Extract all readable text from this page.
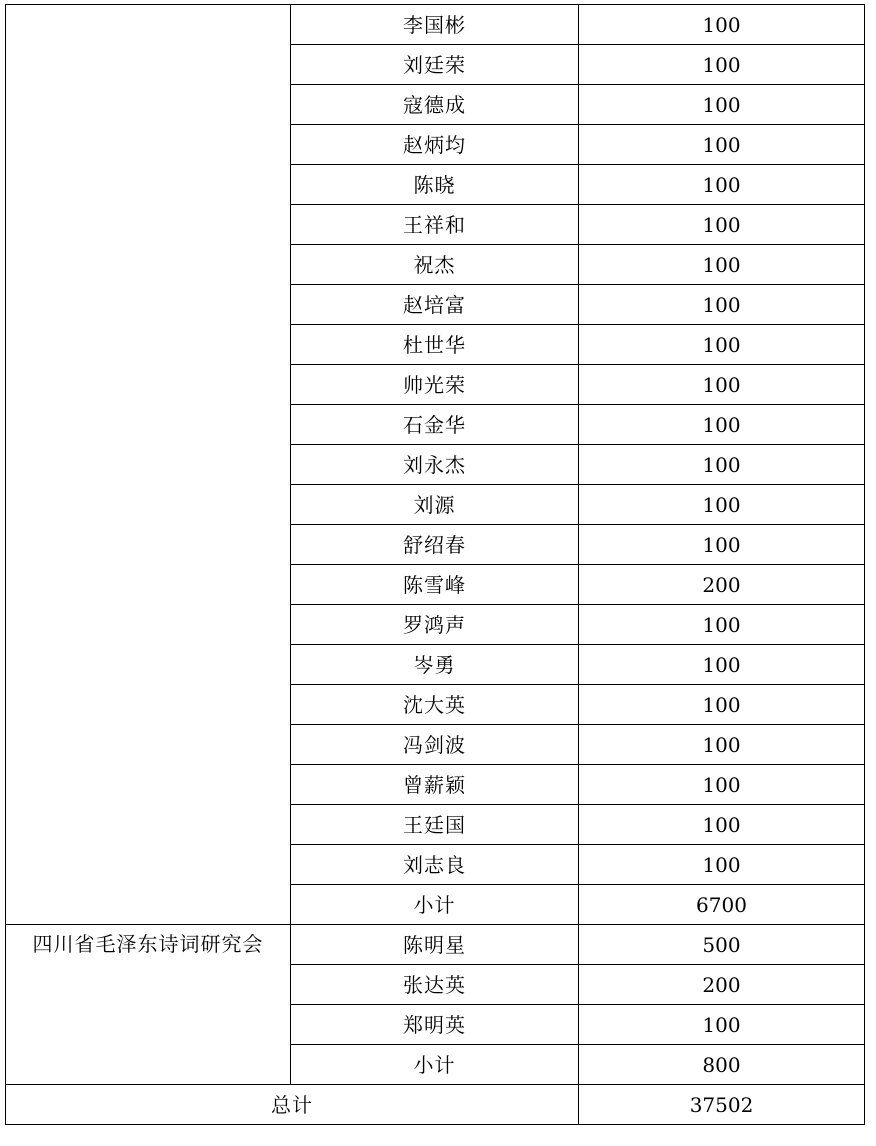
	李国彬	100
	刘廷荣	100
	寇德成	100
	赵炳均	100
	陈晓	100
	王祥和	100
	祝杰	100
	赵培富	100
	杜世华	100
	帅光荣	100
	石金华	100
	刘永杰	100
	刘源	100
	舒绍春	100
	陈雪峰	200
	罗鸿声	100
	岑勇	100
	沈大英	100
	冯剑波	100
	曾薪颖	100
	王廷国	100
	刘志良	100
	小计	6700
四川省毛泽东诗词研究会	陈明星	500
	张达英	200
	郑明英	100
	小计	800
总计		37502
